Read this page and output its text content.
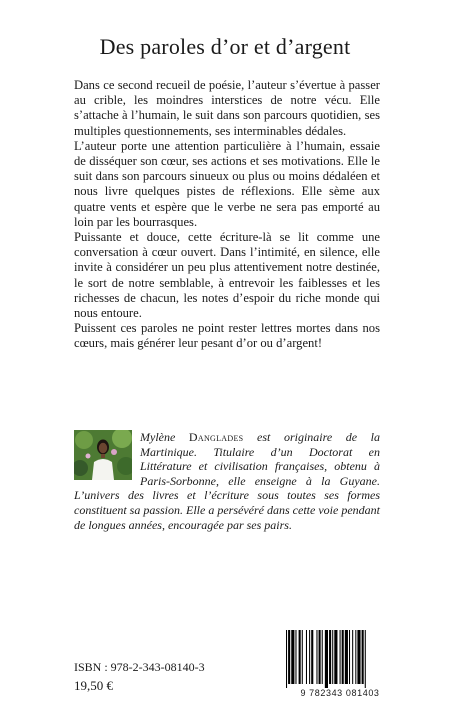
Des paroles d’or et d’argent

Dans ce second recueil de poésie, l’auteur s’évertue à passer au crible, les moindres interstices de notre vécu. Elle s’attache à l’humain, le suit dans son parcours quotidien, ses multiples questionnements, ses interminables dédales.

L’auteur porte une attention particulière à l’humain, essaie de disséquer son cœur, ses actions et ses motivations. Elle le suit dans son parcours sinueux ou plus ou moins dédaléen et nous livre quelques pistes de réflexions. Elle sème aux quatre vents et espère que le verbe ne sera pas emporté au loin par les bourrasques.

Puissante et douce, cette écriture-là se lit comme une conversation à cœur ouvert. Dans l’intimité, en silence, elle invite à considérer un peu plus attentivement notre destinée, le sort de notre semblable, à entrevoir les faiblesses et les richesses de chacun, les notes d’espoir du riche monde qui nous entoure.

Puissent ces paroles ne point rester lettres mortes dans nos cœurs, mais générer leur pesant d’or ou d’argent!

Mylène Danglades est originaire de la Martinique. Titulaire d’un Doctorat en Littérature et civilisation françaises, obtenu à Paris-Sorbonne, elle enseigne à la Guyane. L’univers des livres et l’écriture sous toutes ses formes constituent sa passion. Elle a persévéré dans cette voie pendant de longues années, encouragée par ses pairs.

ISBN : 978-2-343-08140-3
19,50 €	9 782343 081403
